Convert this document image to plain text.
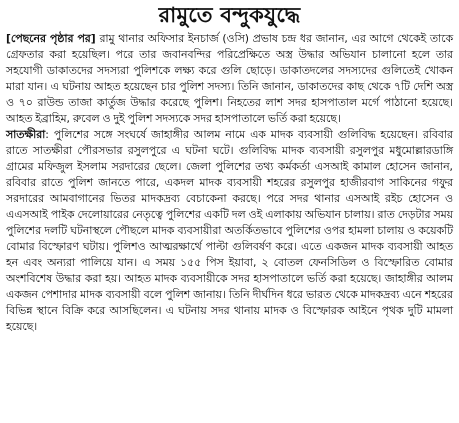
রামুতে বন্দুকযুদ্ধে

[পেছনের পৃষ্ঠার পর] রামু থানার অফিসার ইনচার্জ (ওসি) প্রভাষ চন্দ্র ধর জানান, এর আগে থেকেই তাকে গ্রেফতার করা হয়েছিল। পরে তার জবানবন্দির পরিপ্রেক্ষিতে অস্ত্র উদ্ধার অভিযান চালানো হলে তার সহযোগী ডাকাতদের সদস্যরা পুলিশকে লক্ষ্য করে গুলি ছোড়ে। ডাকাতদলের সদস্যদের গুলিতেই খোকন মারা যান। এ ঘটনায় আহত হয়েছেন চার পুলিশ সদস্য। তিনি জানান, ডাকাতদের কাছ থেকে ৭টি দেশি অস্ত্র ও ৭০ রাউন্ড তাজা কার্তুজ উদ্ধার করেছে পুলিশ। নিহতের লাশ সদর হাসপাতাল মর্গে পাঠানো হয়েছে। আহত ইব্রাহিম, রুবেল ও দুই পুলিশ সদস্যকে সদর হাসপাতালে ভর্তি করা হয়েছে।

সাতক্ষীরা: পুলিশের সঙ্গে সংঘর্ষে জাহাঙ্গীর আলম নামে এক মাদক ব্যবসায়ী গুলিবিদ্ধ হয়েছেন। রবিবার রাতে সাতক্ষীরা পৌরসভার রসুলপুরে এ ঘটনা ঘটে। গুলিবিদ্ধ মাদক ব্যবসায়ী রসুলপুর মধুমোল্লারডাঙ্গি গ্রামের মফিজুল ইসলাম সরদারের ছেলে। জেলা পুলিশের তথ্য কর্মকর্তা এসআই কামাল হোসেন জানান, রবিবার রাতে পুলিশ জানতে পারে, একদল মাদক ব্যবসায়ী শহরের রসুলপুর হাজীরবাগ সাকিনের গফুর সরদারের আমবাগানের ভিতর মাদকদ্রব্য বেচাকেনা করছে। পরে সদর থানার এসআই রইচ হোসেন ও এএসআই পাইক দেলোয়ারের নেতৃত্বে পুলিশের একটি দল ওই এলাকায় অভিযান চালায়। রাত দেড়টার সময় পুলিশের দলটি ঘটনাস্থলে পৌছলে মাদক ব্যবসায়ীরা অতর্কিতভাবে পুলিশের ওপর হামলা চালায় ও কয়েকটি বোমার বিস্ফোরণ ঘটায়। পুলিশও আত্মরক্ষার্থে পাল্টা গুলিবর্ষণ করে। এতে একজন মাদক ব্যবসায়ী আহত হন এবং অন্যরা পালিয়ে যান। এ সময় ১৫৫ পিস ইয়াবা, ২ বোতল ফেনসিডিল ও বিস্ফোরিত বোমার অংশবিশেষ উদ্ধার করা হয়। আহত মাদক ব্যবসায়ীকে সদর হাসপাতালে ভর্তি করা হয়েছে। জাহাঙ্গীর আলম একজন পেশাদার মাদক ব্যবসায়ী বলে পুলিশ জানায়। তিনি দীর্ঘদিন ধরে ভারত থেকে মাদকদ্রব্য এনে শহরের বিভিন্ন স্থানে বিক্রি করে আসছিলেন। এ ঘটনায় সদর থানায় মাদক ও বিস্ফোরক আইনে পৃথক দুটি মামলা হয়েছে।
